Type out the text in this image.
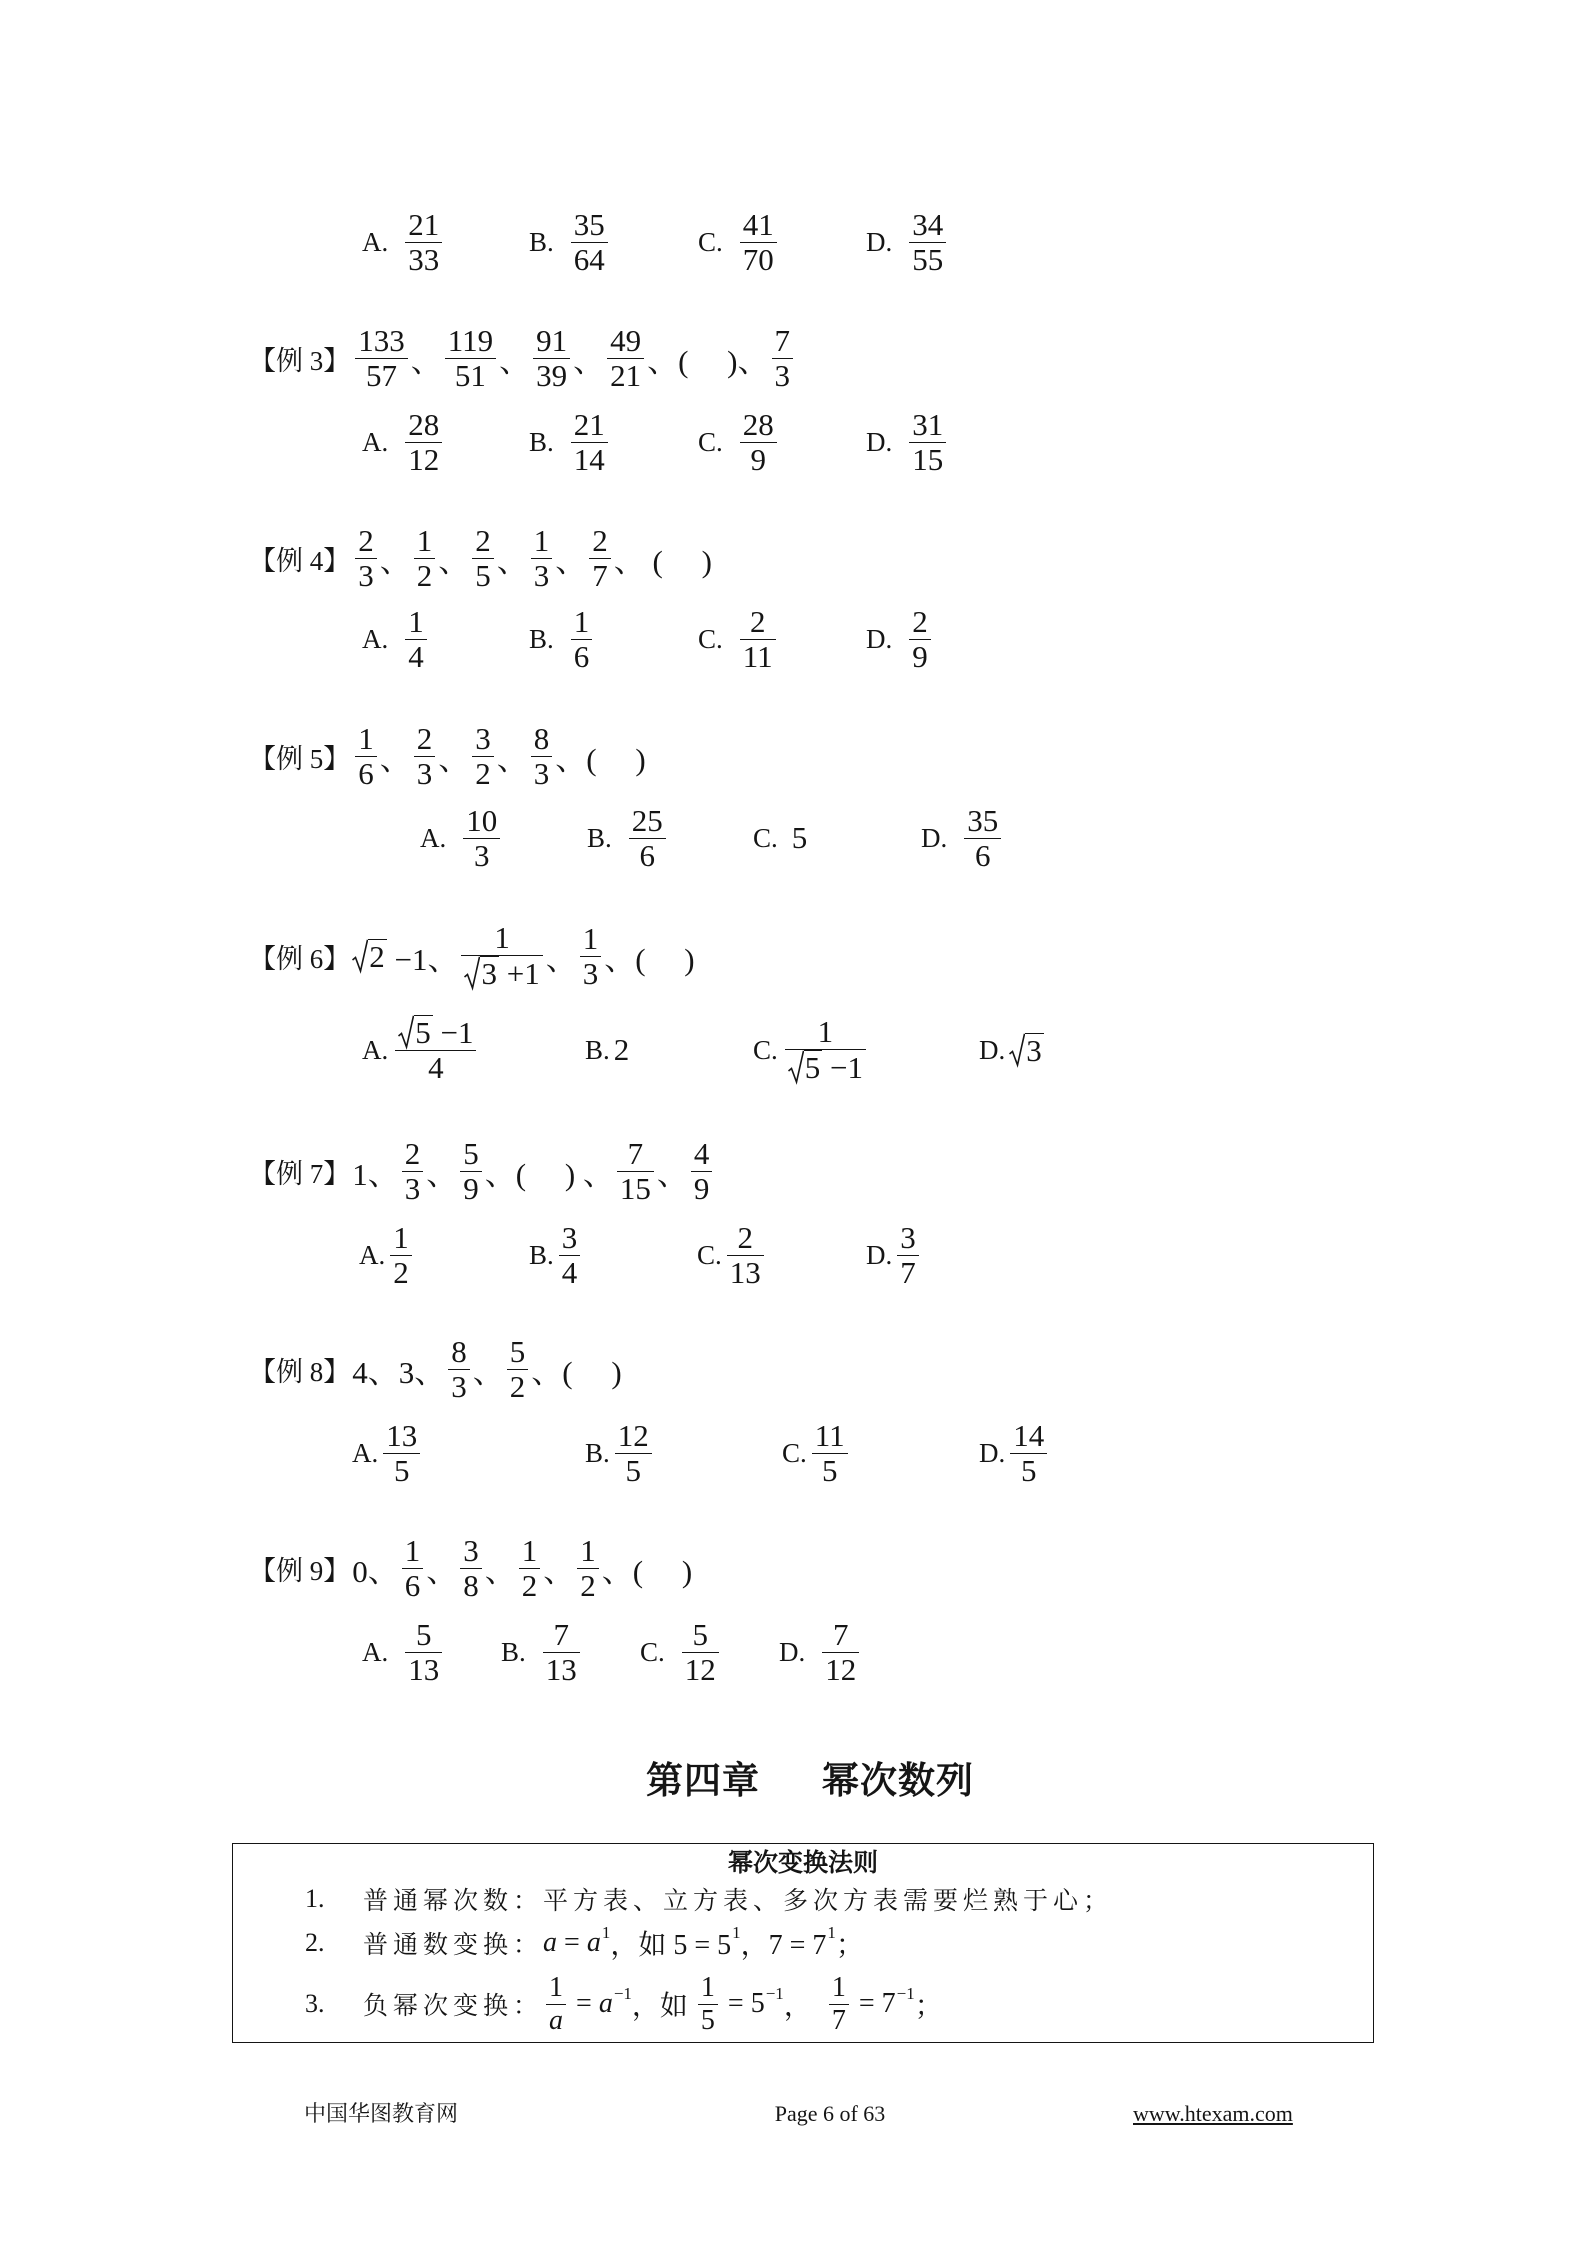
A. $\frac{21}{33}$	B. $\frac{35}{64}$	C. $\frac{41}{70}$	D. $\frac{34}{55}$
【例 3】 $\frac{133}{57}$ 、 $\frac{119}{51}$ 、 $\frac{91}{39}$ 、 $\frac{49}{21}$ 、(     )、 $\frac{7}{3}$
A. $\frac{28}{12}$	B. $\frac{21}{14}$	C. $\frac{28}{9}$	D. $\frac{31}{15}$
【例 4】 $\frac{2}{3}$ 、 $\frac{1}{2}$ 、 $\frac{2}{5}$ 、 $\frac{1}{3}$ 、 $\frac{2}{7}$ 、 (     )
A. $\frac{1}{4}$	B. $\frac{1}{6}$	C. $\frac{2}{11}$	D. $\frac{2}{9}$
【例 5】 $\frac{1}{6}$ 、 $\frac{2}{3}$ 、 $\frac{3}{2}$ 、 $\frac{8}{3}$ 、(     )
A. $\frac{10}{3}$	B. $\frac{25}{6}$	C. 5	D. $\frac{35}{6}$
【例 6】 2 −1、 $\frac{1}{3 +1}$ 、 $\frac{1}{3}$ 、(     )
A. $\frac{5 -1}{4}$	B. 2	C. $\frac{1}{5 -1}$	D. 3
【例 7】 1、 $\frac{2}{3}$ 、 $\frac{5}{9}$ 、(     ) 、 $\frac{7}{15}$ 、 $\frac{4}{9}$
A. $\frac{1}{2}$	B. $\frac{3}{4}$	C. $\frac{2}{13}$	D. $\frac{3}{7}$
【例 8】 4、3、 $\frac{8}{3}$ 、 $\frac{5}{2}$ 、(     )
A. $\frac{13}{5}$	B. $\frac{12}{5}$	C. $\frac{11}{5}$	D. $\frac{14}{5}$
【例 9】 0、 $\frac{1}{6}$ 、 $\frac{3}{8}$ 、 $\frac{1}{2}$ 、 $\frac{1}{2}$ 、(     )
A. $\frac{5}{13} B$. $\frac{7}{13} C$. $\frac{5}{12} D$. $\frac{7}{12}$
第四章 幂次数列
幂次变换法则
1. 普通幂次数： 平方表、立方表、多次方表需要烂熟于心；
2. 普通数变换： a = a 1 ，如 5 = 5 1 ，7 = 7 1 ；
3. 负幂次变换： $\frac{1}{a} = a -1$ ，如 $\frac{1}{5} = 5 -1$ ， $\frac{1}{7} = 7 -1$ ；
中国华图教育网	Page 6 of 63	www.htexam.com
